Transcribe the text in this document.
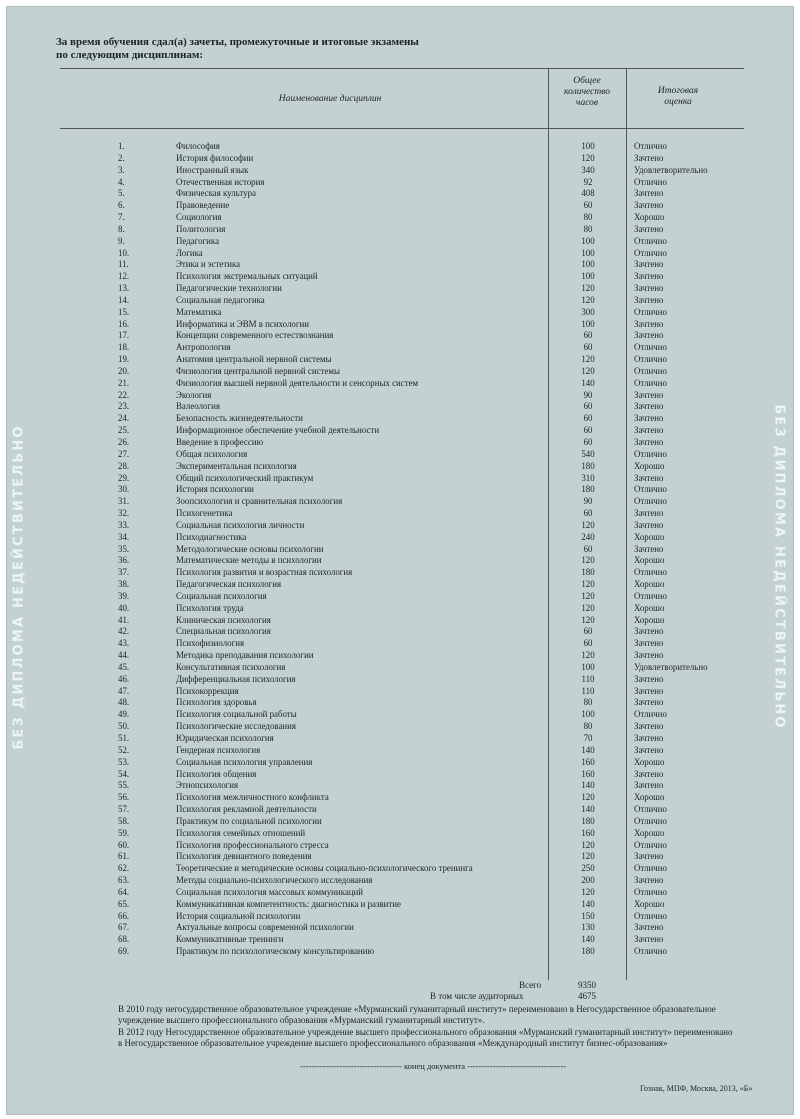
БЕЗ ДИПЛОМА НЕДЕЙСТВИТЕЛЬНО	БЕЗ ДИПЛОМА НЕДЕЙСТВИТЕЛЬНО
За время обучения сдал(а) зачеты, промежуточные и итоговые экзамены
по следующим дисциплинам:
Наименование дисциплин
Общее
количество
часов
Итоговая
оценка
1.	Философия	100	Отлично
2.	История философии	120	Зачтено
3.	Иностранный язык	340	Удовлетворительно
4.	Отечественная история	92	Отлично
5.	Физическая культура	408	Зачтено
6.	Правоведение	60	Зачтено
7.	Социология	80	Хорошо
8.	Политология	80	Зачтено
9.	Педагогика	100	Отлично
10.	Логика	100	Отлично
11.	Этика и эстетика	100	Зачтено
12.	Психология экстремальных ситуаций	100	Зачтено
13.	Педагогические технологии	120	Зачтено
14.	Социальная педагогика	120	Зачтено
15.	Математика	300	Отлично
16.	Информатика и ЭВМ в психологии	100	Зачтено
17.	Концепции современного естествознания	60	Зачтено
18.	Антропология	60	Отлично
19.	Анатомия центральной нервной системы	120	Отлично
20.	Физиология центральной нервной системы	120	Отлично
21.	Физиология высшей нервной деятельности и сенсорных систем	140	Отлично
22.	Экология	90	Зачтено
23.	Валеология	60	Зачтено
24.	Безопасность жизнедеятельности	60	Зачтено
25.	Информационное обеспечение учебной деятельности	60	Зачтено
26.	Введение в профессию	60	Зачтено
27.	Общая психология	540	Отлично
28.	Экспериментальная психология	180	Хорошо
29.	Общий психологический практикум	310	Зачтено
30.	История психологии	180	Отлично
31.	Зоопсихология и сравнительная психология	90	Отлично
32.	Психогенетика	60	Зачтено
33.	Социальная психология личности	120	Зачтено
34.	Психодиагностика	240	Хорошо
35.	Методологические основы психологии	60	Зачтено
36.	Математические методы в психологии	120	Хорошо
37.	Психология развития и возрастная психология	180	Отлично
38.	Педагогическая психология	120	Хорошо
39.	Социальная психология	120	Отлично
40.	Психология труда	120	Хорошо
41.	Клиническая психология	120	Хорошо
42.	Специальная психология	60	Зачтено
43.	Психофизиология	60	Зачтено
44.	Методика преподавания психологии	120	Зачтено
45.	Консультативная психология	100	Удовлетворительно
46.	Дифференциальная психология	110	Зачтено
47.	Психокоррекция	110	Зачтено
48.	Психология здоровья	80	Зачтено
49.	Психология социальной работы	100	Отлично
50.	Психологические исследования	80	Зачтено
51.	Юридическая психология	70	Зачтено
52.	Гендерная психология	140	Зачтено
53.	Социальная психология управления	160	Хорошо
54.	Психология общения	160	Зачтено
55.	Этнопсихология	140	Зачтено
56.	Психология межличностного конфликта	120	Хорошо
57.	Психология рекламной деятельности	140	Отлично
58.	Практикум по социальной психологии	180	Отлично
59.	Психология семейных отношений	160	Хорошо
60.	Психология профессионального стресса	120	Отлично
61.	Психология девиантного поведения	120	Зачтено
62.	Теоретические и методические основы социально-психологического тренинга	250	Отлично
63.	Методы социально-психологического исследования	200	Зачтено
64.	Социальная психология массовых коммуникаций	120	Отлично
65.	Коммуникативная компетентность: диагностика и развитие	140	Хорошо
66.	История социальной психологии	150	Отлично
67.	Актуальные вопросы современной психологии	130	Зачтено
68.	Коммуникативные тренинги	140	Зачтено
69.	Практикум по психологическому консультированию	180	Отлично
Всего	9350
В том числе аудиторных	4675
В 2010 году негосударственное образовательное учреждение «Мурманский гуманитарный институт» переименовано в Негосударственное образовательное учреждение высшего профессионального образования «Мурманский гуманитарный институт».
В 2012 году Негосударственное образовательное учреждение высшего профессионального образования «Мурманский гуманитарный институт» переименовано в Негосударственное образовательное учреждение высшего профессионального образования «Международный институт бизнес-образования»
------------------------------------ конец документа -----------------------------------
Гознак, МПФ, Москва, 2013, «Б»
